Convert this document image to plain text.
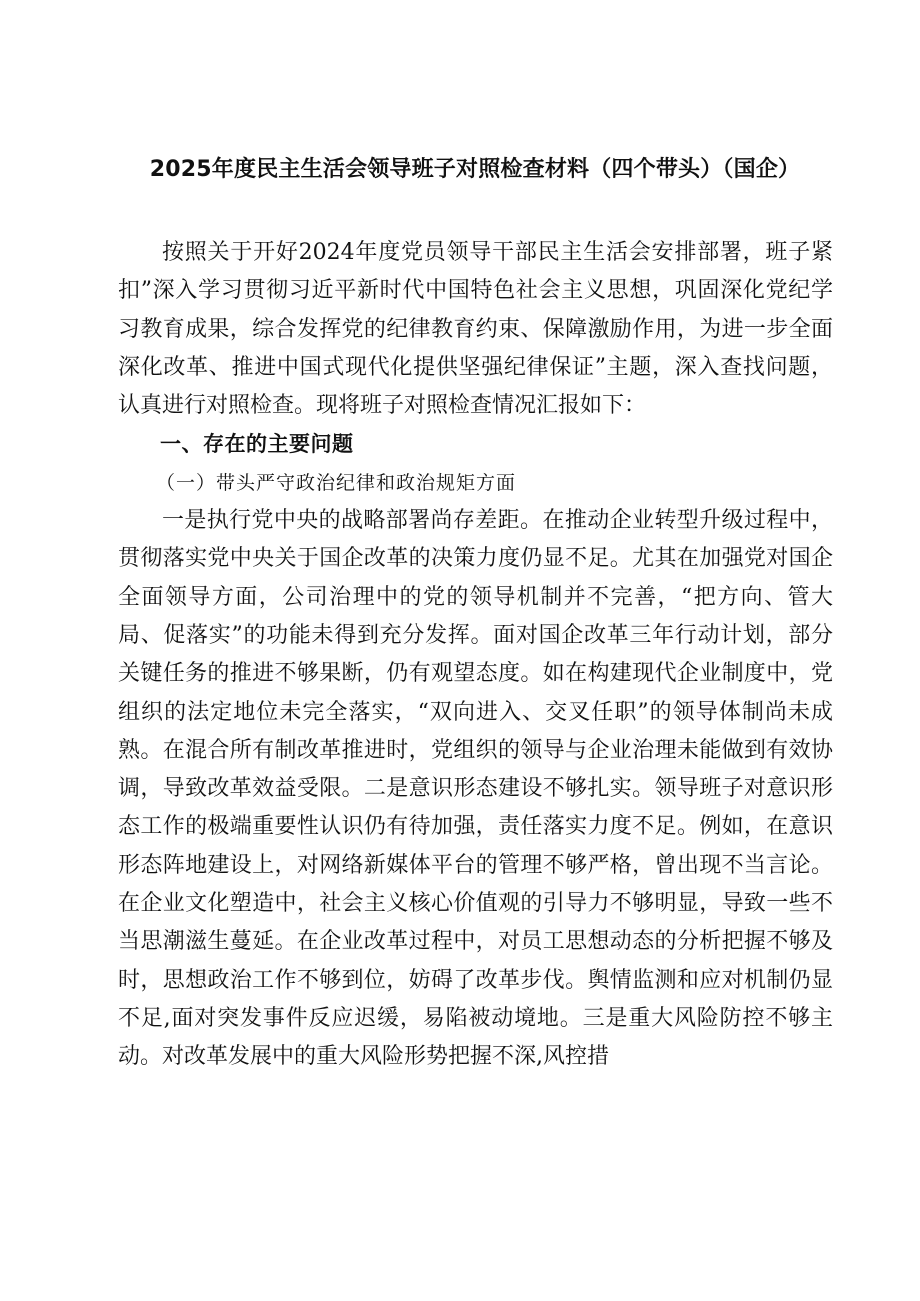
2025年度民主生活会领导班子对照检查材料（四个带头）（国企）

按照关于开好2024年度党员领导干部民主生活会安排部署，班子紧扣”深入学习贯彻习近平新时代中国特色社会主义思想，巩固深化党纪学习教育成果，综合发挥党的纪律教育约束、保障激励作用，为进一步全面深化改革、推进中国式现代化提供坚强纪律保证”主题，深入查找问题，认真进行对照检查。现将班子对照检查情况汇报如下：

一、存在的主要问题

（一）带头严守政治纪律和政治规矩方面

一是执行党中央的战略部署尚存差距。在推动企业转型升级过程中，贯彻落实党中央关于国企改革的决策力度仍显不足。尤其在加强党对国企全面领导方面，公司治理中的党的领导机制并不完善，“把方向、管大局、促落实”的功能未得到充分发挥。面对国企改革三年行动计划，部分关键任务的推进不够果断，仍有观望态度。如在构建现代企业制度中，党组织的法定地位未完全落实，“双向进入、交叉任职”的领导体制尚未成熟。在混合所有制改革推进时，党组织的领导与企业治理未能做到有效协调，导致改革效益受限。二是意识形态建设不够扎实。领导班子对意识形态工作的极端重要性认识仍有待加强，责任落实力度不足。例如，在意识形态阵地建设上，对网络新媒体平台的管理不够严格，曾出现不当言论。在企业文化塑造中，社会主义核心价值观的引导力不够明显，导致一些不当思潮滋生蔓延。在企业改革过程中，对员工思想动态的分析把握不够及时，思想政治工作不够到位，妨碍了改革步伐。舆情监测和应对机制仍显不足,面对突发事件反应迟缓，易陷被动境地。三是重大风险防控不够主动。对改革发展中的重大风险形势把握不深,风控措
